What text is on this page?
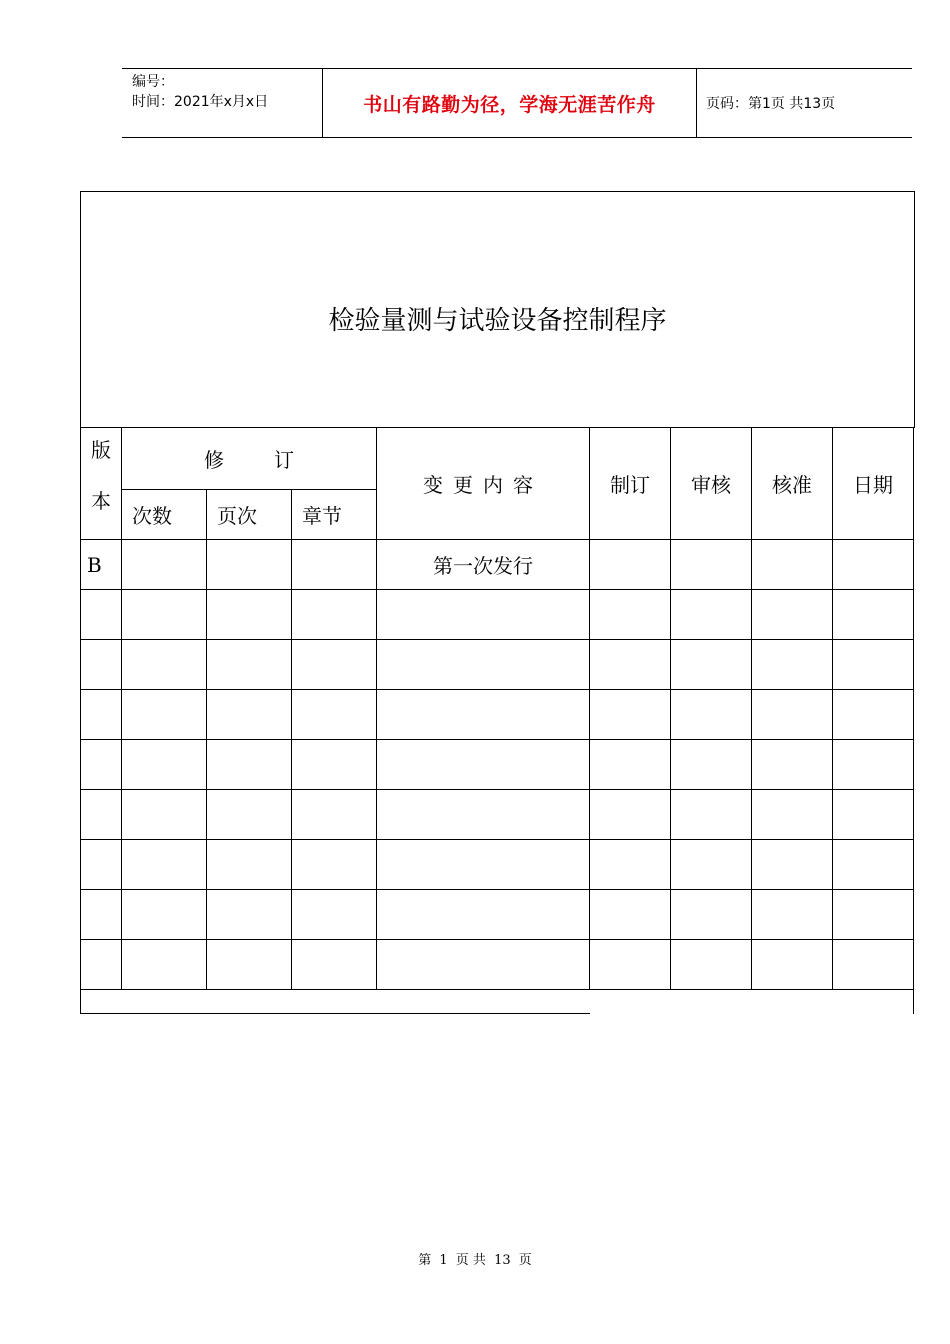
编号：
时间：2021年x月x日	书山有路勤为径，学海无涯苦作舟	页码：第1页 共13页
检验量测与试验设备控制程序
版
本	修订			变更内容	制订	审核	核准	日期
	次数	页次	章节					
B				第一次发行				

第 1 页 共 13 页
